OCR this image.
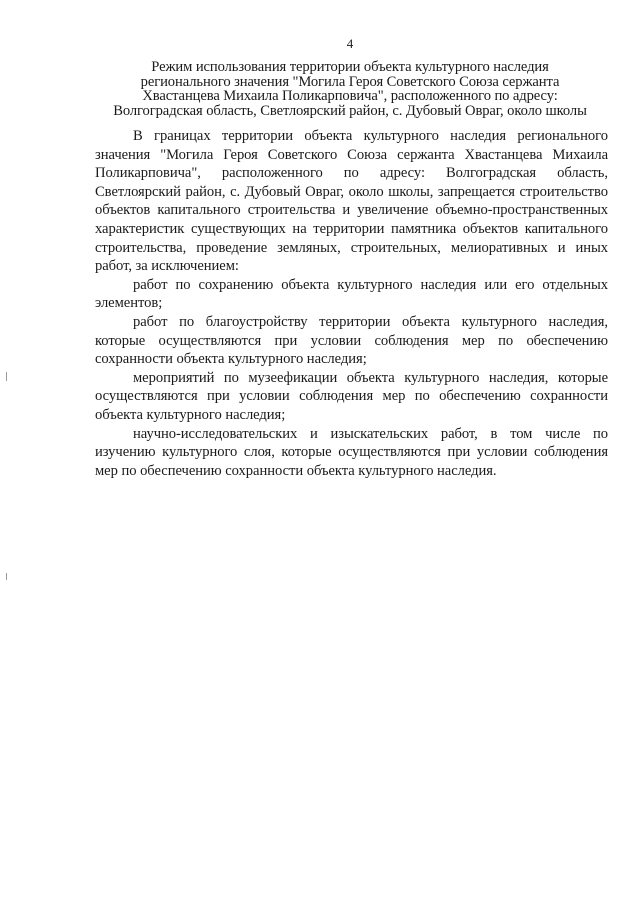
4
Режим использования территории объекта культурного наследия
регионального значения "Могила Героя Советского Союза сержанта
Хвастанцева Михаила Поликарповича", расположенного по адресу:
Волгоградская область, Светлоярский район, с. Дубовый Овраг, около школы

В границах территории объекта культурного наследия регионального значения "Могила Героя Советского Союза сержанта Хвастанцева Михаила Поликарповича", расположенного по адресу: Волгоградская область, Светлоярский район, с. Дубовый Овраг, около школы, запрещается строительство объектов капитального строительства и увеличение объемно-пространственных характеристик существующих на территории памятника объектов капитального строительства, проведение земляных, строительных, мелиоративных и иных работ, за исключением:

работ по сохранению объекта культурного наследия или его отдельных элементов;

работ по благоустройству территории объекта культурного наследия, которые осуществляются при условии соблюдения мер по обеспечению сохранности объекта культурного наследия;

мероприятий по музеефикации объекта культурного наследия, которые осуществляются при условии соблюдения мер по обеспечению сохранности объекта культурного наследия;

научно-исследовательских и изыскательских работ, в том числе по изучению культурного слоя, которые осуществляются при условии соблюдения мер по обеспечению сохранности объекта культурного наследия.
